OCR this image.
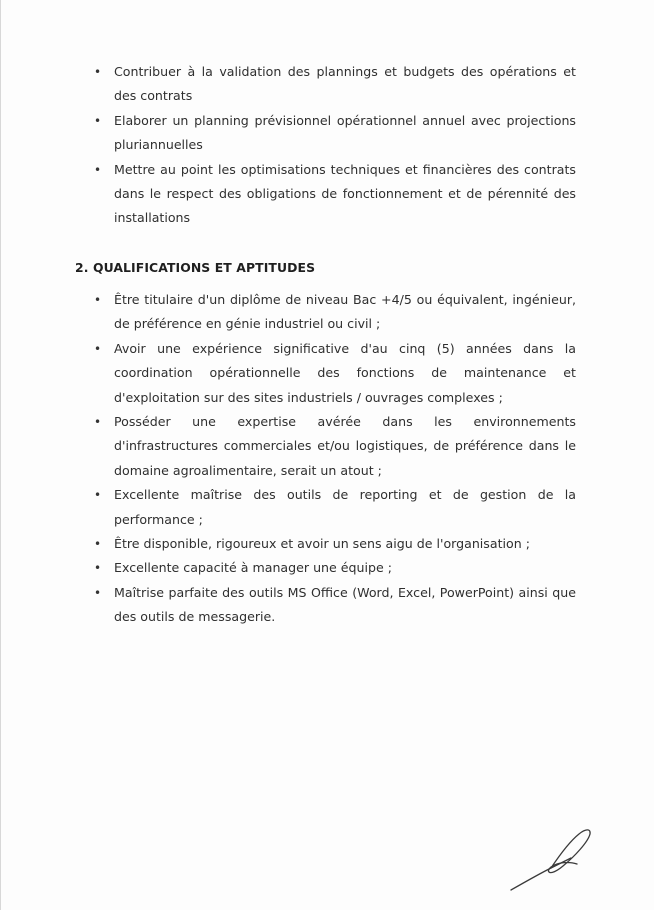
• Contribuer à la validation des plannings et budgets des opérations et des contrats
• Elaborer un planning prévisionnel opérationnel annuel avec projections pluriannuelles
• Mettre au point les optimisations techniques et financières des contrats dans le respect des obligations de fonctionnement et de pérennité des installations
2. QUALIFICATIONS ET APTITUDES
• Être titulaire d'un diplôme de niveau Bac +4/5 ou équivalent, ingénieur, de préférence en génie industriel ou civil ;
• Avoir une expérience significative d'au cinq (5) années dans la coordination opérationnelle des fonctions de maintenance et d'exploitation sur des sites industriels / ouvrages complexes ;
• Posséder une expertise avérée dans les environnements d'infrastructures commerciales et/ou logistiques, de préférence dans le domaine agroalimentaire, serait un atout ;
• Excellente maîtrise des outils de reporting et de gestion de la performance ;
• Être disponible, rigoureux et avoir un sens aigu de l'organisation ;
• Excellente capacité à manager une équipe ;
• Maîtrise parfaite des outils MS Office (Word, Excel, PowerPoint) ainsi que des outils de messagerie.
